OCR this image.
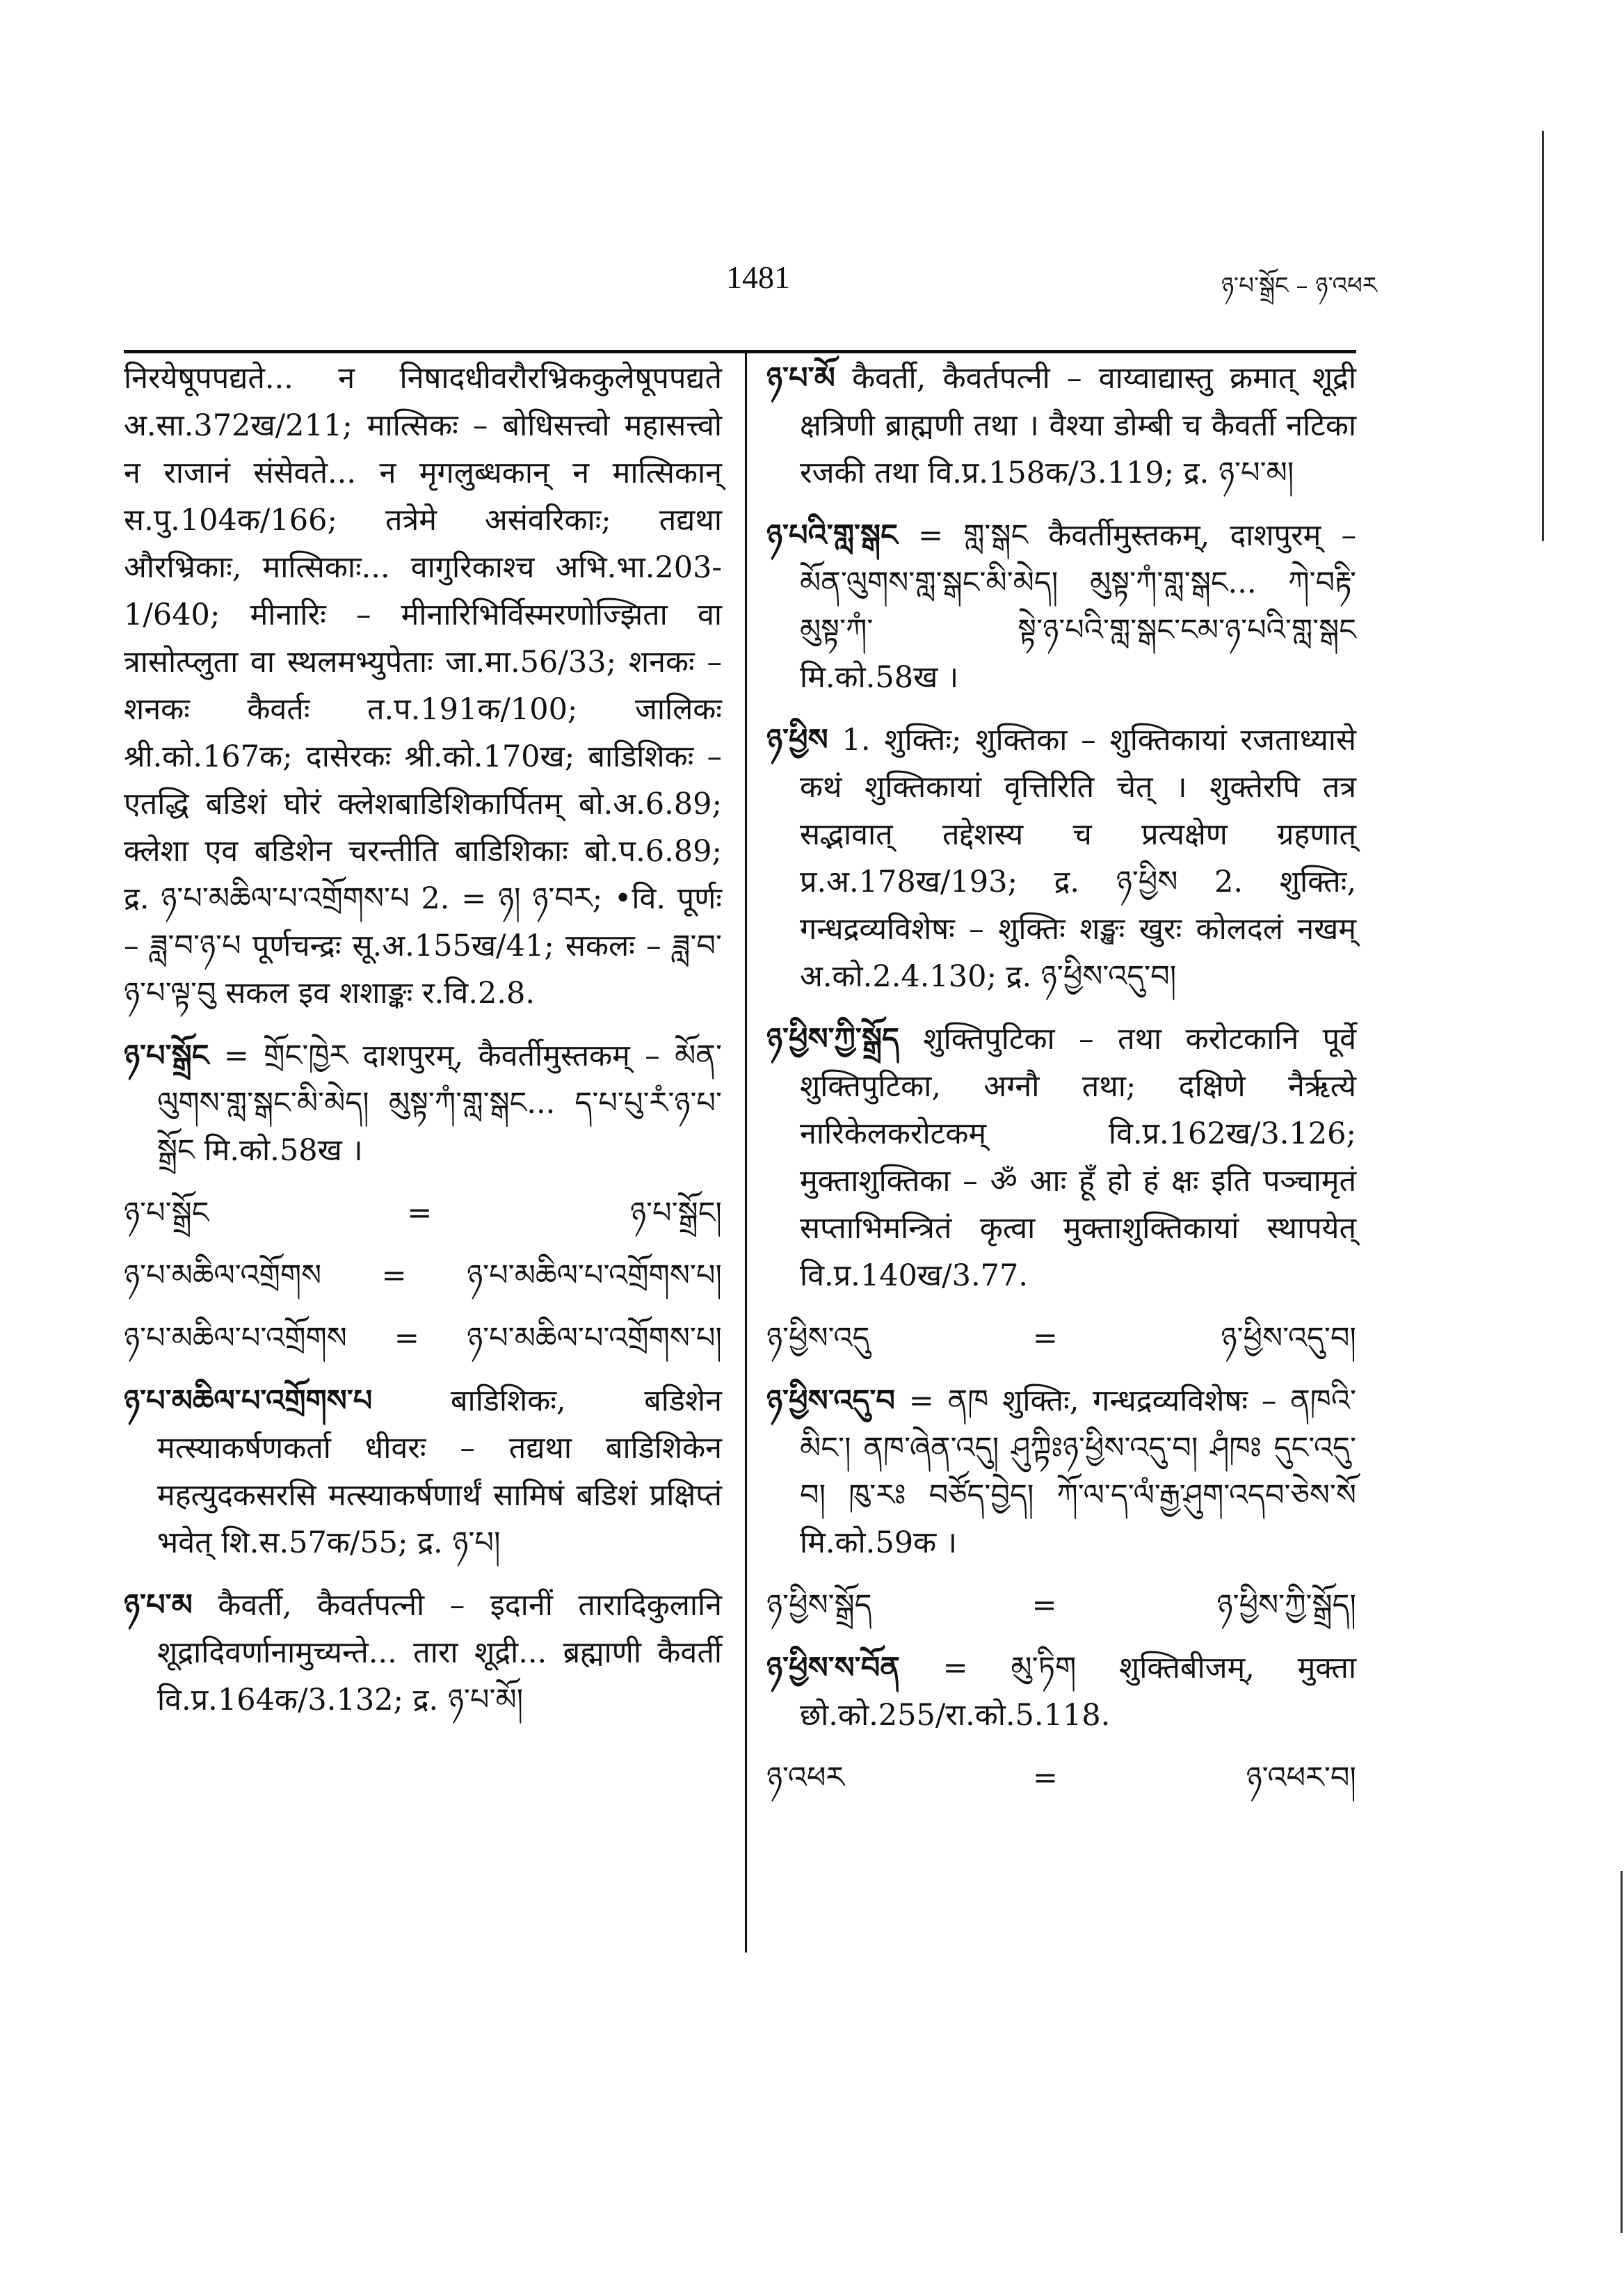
1481	ཉ་པ་སྒྲོང – ཉ་འཕར

निरयेषूपपद्यते... न निषादधीवरौरभ्रिककुलेषूपपद्यते अ.सा.372ख/211; मात्सिकः – बोधिसत्त्वो महासत्त्वो न राजानं संसेवते... न मृगलुब्धकान् न मात्सिकान् स.पु.104क/166; तत्रेमे असंवरिकाः; तद्यथा औरभ्रिकाः, मात्सिकाः... वागुरिकाश्च अभि.भा.203-1/640; मीनारिः – मीनारिभिर्विस्मरणोज्झिता वा त्रासोत्प्लुता वा स्थलमभ्युपेताः जा.मा.56/33; शनकः – शनकः कैवर्तः त.प.191क/100; जालिकः श्री.को.167क; दासेरकः श्री.को.170ख; बाडिशिकः – एतद्धि बडिशं घोरं क्लेशबाडिशिकार्पितम् बो.अ.6.89; क्लेशा एव बडिशेन चरन्तीति बाडिशिकाः बो.प.6.89; द्र. ཉ་པ་མཆིལ་པ་འགྲོགས་པ 2. = ཉ། ཉ་བར; •वि. पूर्णः – ཟླ་བ་ཉ་པ पूर्णचन्द्रः सू.अ.155ख/41; सकलः – ཟླ་བ་ཉ་པ་ལྟ་བུ सकल इव शशाङ्कः र.वि.2.8.

ཉ་པ་སྒྲོང = གྲོང་ཁྱེར दाशपुरम्, कैवर्तीमुस्तकम् – མོན་ལུགས་གླ་སྒང་མི་མེད། མུསྟ་ཀཾ་གླ་སྒང... ད་པ་པུ་རཾ་ཉ་པ་སྒྲོང मि.को.58ख ।

ཉ་པ་སྒྲོང	=	ཉ་པ་སྒྲོང།

ཉ་པ་མཆིལ་འགྲོགས = ཉ་པ་མཆིལ་པ་འགྲོགས་པ།

ཉ་པ་མཆིལ་པ་འགྲོགས = ཉ་པ་མཆིལ་པ་འགྲོགས་པ།

ཉ་པ་མཆིལ་པ་འགྲོགས་པ	बाडिशिकः, बडिशेन मत्स्याकर्षणकर्ता धीवरः – तद्यथा बाडिशिकेन महत्युदकसरसि मत्स्याकर्षणार्थं सामिषं बडिशं प्रक्षिप्तं भवेत् शि.स.57क/55; द्र. ཉ་པ།

ཉ་པ་མ कैवर्ती, कैवर्तपत्नी – इदानीं तारादिकुलानि शूद्रादिवर्णानामुच्यन्ते... तारा शूद्री... ब्रह्माणी कैवर्ती वि.प्र.164क/3.132; द्र. ཉ་པ་མོ།

ཉ་པ་མོ कैवर्ती, कैवर्तपत्नी – वाय्वाद्यास्तु क्रमात् शूद्री क्षत्रिणी ब्राह्मणी तथा । वैश्या डोम्बी च कैवर्ती नटिका रजकी तथा वि.प्र.158क/3.119; द्र. ཉ་པ་མ།

ཉ་པའི་གླ་སྒང = གླ་སྒང कैवर्तीमुस्तकम्, दाशपुरम् – མོན་ལུགས་གླ་སྒང་མི་མེད། མུསྟ་ཀཾ་གླ་སྒང... ཀེ་བརྟི་མུསྟ་ཀཾ་ སྟེ་ཉ་པའི་གླ་སྒང་ངམ་ཉ་པའི་གླ་སྒང मि.को.58ख ।

ཉ་ཕྱིས 1. शुक्तिः; शुक्तिका – शुक्तिकायां रजताध्यासे कथं शुक्तिकायां वृत्तिरिति चेत् । शुक्तेरपि तत्र सद्भावात् तद्देशस्य च प्रत्यक्षेण ग्रहणात् प्र.अ.178ख/193; द्र. ཉ་ཕྱིས 2. शुक्तिः, गन्धद्रव्यविशेषः – शुक्तिः शङ्खः खुरः कोलदलं नखम् अ.को.2.4.130; द्र. ཉ་ཕྱིས་འདུ་བ།

ཉ་ཕྱིས་ཀྱི་སྒྲོད शुक्तिपुटिका – तथा करोटकानि पूर्वे शुक्तिपुटिका, अग्नौ तथा; दक्षिणे नैर्ऋत्ये नारिकेलकरोटकम् वि.प्र.162ख/3.126; मुक्ताशुक्तिका – ॐ आः हूँ हो हं क्षः इति पञ्चामृतं सप्ताभिमन्त्रितं कृत्वा मुक्ताशुक्तिकायां स्थापयेत् वि.प्र.140ख/3.77.

ཉ་ཕྱིས་འདུ	=	ཉ་ཕྱིས་འདུ་བ།

ཉ་ཕྱིས་འདུ་བ = ནཁ शुक्तिः, गन्धद्रव्यविशेषः – ནཁའི་མིང་། ནཁ་ཞེན་འདུ། ཤུཀྟིཿཉ་ཕྱིས་འདུ་བ། ཤཾཁཿ དུང་འདུ་བ། ཁུ་རཿ བཙོད་བྱེད། ཀོ་ལ་ད་ལཾ་རྒྱ་ཤུག་འདབ་ཅེས་སོ मि.को.59क ।

ཉ་ཕྱིས་སྒྲོད	=	ཉ་ཕྱིས་ཀྱི་སྒྲོད།

ཉ་ཕྱིས་ས་བོན = མུ་ཏིག शुक्तिबीजम्, मुक्ता छो.को.255/रा.को.5.118.

ཉ་འཕར	=	ཉ་འཕར་བ།
